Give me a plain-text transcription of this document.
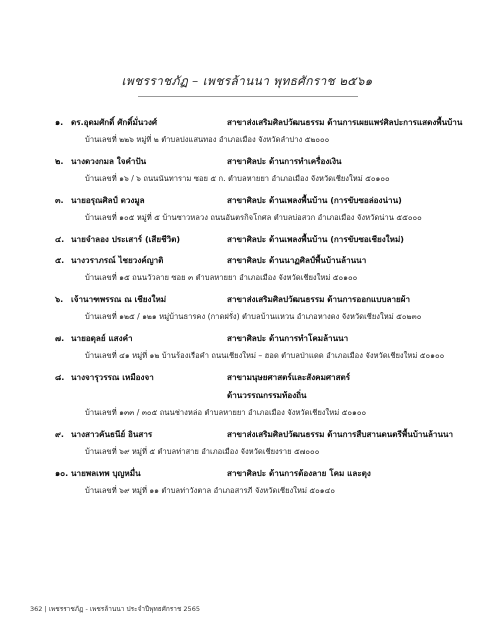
เพชรราชภัฏ – เพชรล้านนา พุทธศักราช ๒๕๖๑
๑. ดร.อุดมศักดิ์ ศักดิ์มั่นวงศ์	สาขาส่งเสริมศิลปวัฒนธรรม ด้านการเผยแพร่ศิลปะการแสดงพื้นบ้าน
บ้านเลขที่ ๒๒๖ หมู่ที่ ๒ ตำบลปงแสนทอง อำเภอเมือง จังหวัดลำปาง ๕๒๐๐๐
๒. นางดวงกมล ใจคำปัน	สาขาศิลปะ ด้านการทำเครื่องเงิน
บ้านเลขที่ ๑๖ / ๖ ถนนนันทาราม ซอย ๕ ก. ตำบลหายยา อำเภอเมือง จังหวัดเชียงใหม่ ๕๐๑๐๐
๓. นายอรุณศิลป์ ดวงมูล	สาขาศิลปะ ด้านเพลงพื้นบ้าน (การขับซอล่องน่าน)
บ้านเลขที่ ๑๐๕ หมู่ที่ ๕ บ้านซาวหลวง ถนนอันตรกิจโกศล ตำบลบ่อสวก อำเภอเมือง จังหวัดน่าน ๕๕๐๐๐
๔. นายจำลอง ประเสาร์ (เสียชีวิต)	สาขาศิลปะ ด้านเพลงพื้นบ้าน (การขับซอเชียงใหม่)
๕. นางวราภรณ์ ไชยวงค์ญาติ	สาขาศิลปะ ด้านนาฏศิลป์พื้นบ้านล้านนา
บ้านเลขที่ ๑๕ ถนนวัวลาย ซอย ๓ ตำบลหายยา อำเภอเมือง จังหวัดเชียงใหม่ ๕๐๑๐๐
๖. เจ้านาฑพรรณ ณ เชียงใหม่	สาขาส่งเสริมศิลปวัฒนธรรม ด้านการออกแบบลายผ้า
บ้านเลขที่ ๑๒๕ / ๑๒๑ หมู่บ้านธารคง (กาดฝรั่ง) ตำบลบ้านแหวน อำเภอหางดง จังหวัดเชียงใหม่ ๕๐๒๓๐
๗. นายอดุลย์ แสงคำ	สาขาศิลปะ ด้านการทำโคมล้านนา
บ้านเลขที่ ๔๑ หมู่ที่ ๑๒ บ้านร้องเรือคำ ถนนเชียงใหม่ – ฮอด ตำบลป่าแดด อำเภอเมือง จังหวัดเชียงใหม่ ๕๐๑๐๐
๘. นางจารุวรรณ เหมืองจา	สาขามนุษยศาสตร์และสังคมศาสตร์
ด้านวรรณกรรมท้องถิ่น
บ้านเลขที่ ๑๓๓ / ๓๐๕ ถนนช่างหล่อ ตำบลหายยา อำเภอเมือง จังหวัดเชียงใหม่ ๕๐๑๐๐
๙. นางสาวคันธนีย์ อินสาร	สาขาส่งเสริมศิลปวัฒนธรรม ด้านการสืบสานดนตรีพื้นบ้านล้านนา
บ้านเลขที่ ๖๙ หมู่ที่ ๕ ตำบลท่าสาย อำเภอเมือง จังหวัดเชียงราย ๕๗๐๐๐
๑๐. นายพลเทพ บุญหมื่น	สาขาศิลปะ ด้านการต้องลาย โคม และตุง
บ้านเลขที่ ๖๙ หมู่ที่ ๑๑ ตำบลท่าวังตาล อำเภอสารภี จังหวัดเชียงใหม่ ๕๐๑๔๐
362 | เพชรราชภัฏ - เพชรล้านนา ประจำปีพุทธศักราช 2565
